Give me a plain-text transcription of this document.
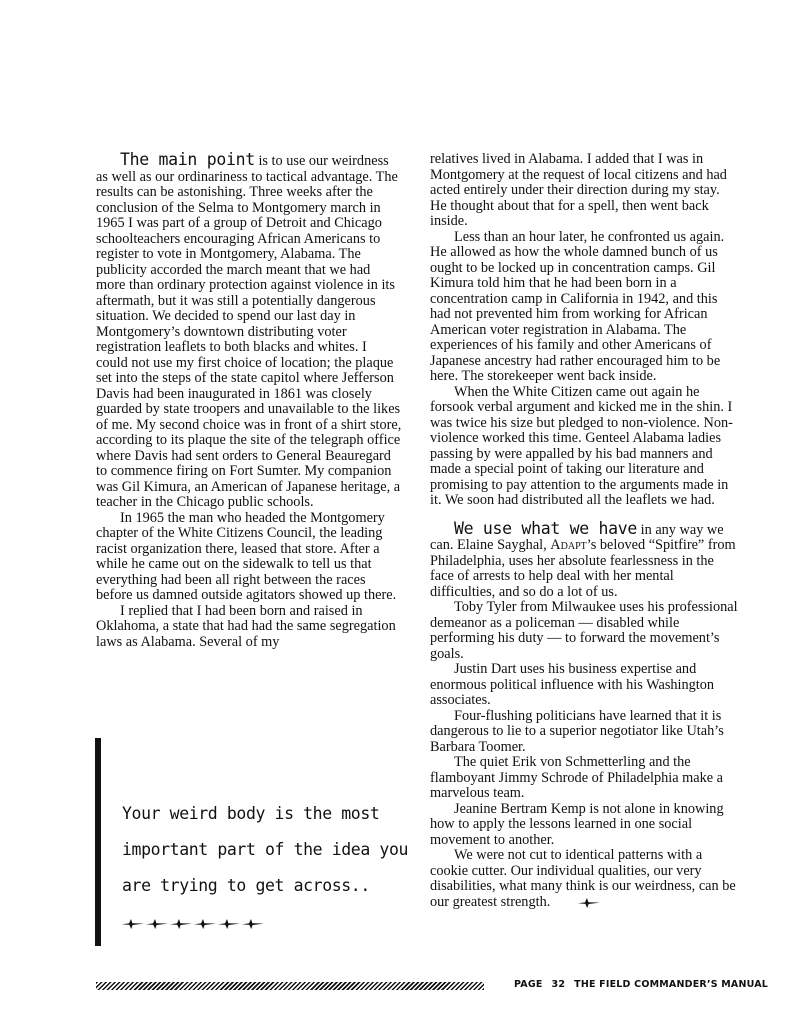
The main point is to use our weirdness as well as our ordinariness to tactical advantage. The results can be astonishing. Three weeks after the conclusion of the Selma to Montgomery march in 1965 I was part of a group of Detroit and Chicago schoolteachers encouraging African Americans to register to vote in Montgomery, Alabama. The publicity accorded the march meant that we had more than ordinary protection against violence in its aftermath, but it was still a potentially dangerous situation. We decided to spend our last day in Montgomery’s downtown distributing voter registration leaflets to both blacks and whites. I could not use my first choice of location; the plaque set into the steps of the state capitol where Jefferson Davis had been inaugurated in 1861 was closely guarded by state troopers and unavailable to the likes of me. My second choice was in front of a shirt store, according to its plaque the site of the telegraph office where Davis had sent orders to General Beauregard to commence firing on Fort Sumter. My companion was Gil Kimura, an American of Japanese heritage, a teacher in the Chicago public schools.

In 1965 the man who headed the Montgomery chapter of the White Citizens Council, the leading racist organization there, leased that store. After a while he came out on the sidewalk to tell us that everything had been all right between the races before us damned outside agitators showed up there.

I replied that I had been born and raised in Oklahoma, a state that had had the same segregation laws as Alabama. Several of my

Your weird body is the most
important part of the idea you
are trying to get across..

relatives lived in Alabama. I added that I was in Montgomery at the request of local citizens and had acted entirely under their direction during my stay. He thought about that for a spell, then went back inside.

Less than an hour later, he confronted us again. He allowed as how the whole damned bunch of us ought to be locked up in concentration camps. Gil Kimura told him that he had been born in a concentration camp in California in 1942, and this had not prevented him from working for African American voter registration in Alabama. The experiences of his family and other Americans of Japanese ancestry had rather encouraged him to be here. The storekeeper went back inside.

When the White Citizen came out again he forsook verbal argument and kicked me in the shin. I was twice his size but pledged to non-violence. Non-violence worked this time. Genteel Alabama ladies passing by were appalled by his bad manners and made a special point of taking our literature and promising to pay attention to the arguments made in it. We soon had distributed all the leaflets we had.

We use what we have in any way we can. Elaine Sayghal, Adapt’s beloved “Spitfire” from Philadelphia, uses her absolute fearlessness in the face of arrests to help deal with her mental difficulties, and so do a lot of us.

Toby Tyler from Milwaukee uses his professional demeanor as a policeman — disabled while performing his duty — to forward the movement’s goals.

Justin Dart uses his business expertise and enormous political influence with his Washington associates.

Four-flushing politicians have learned that it is dangerous to lie to a superior negotiator like Utah’s Barbara Toomer.

The quiet Erik von Schmetterling and the flamboyant Jimmy Schrode of Philadelphia make a marvelous team.

Jeanine Bertram Kemp is not alone in knowing how to apply the lessons learned in one social movement to another.

We were not cut to identical patterns with a cookie cutter. Our individual qualities, our very disabilities, what many think is our weirdness, can be our greatest strength.

PAGE 32 THE FIELD COMMANDER’S MANUAL
